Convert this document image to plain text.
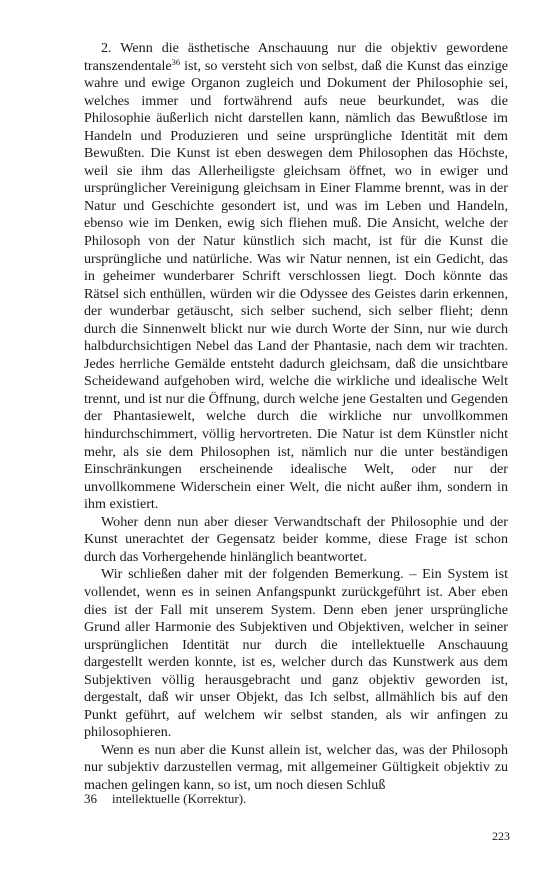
2. Wenn die ästhetische Anschauung nur die objektiv gewordene transzendentale$^{36}$ ist, so versteht sich von selbst, daß die Kunst das einzige wahre und ewige Organon zugleich und Dokument der Philosophie sei, welches immer und fortwährend aufs neue beurkundet, was die Philosophie äußerlich nicht darstellen kann, nämlich das Bewußtlose im Handeln und Produzieren und seine ursprüngliche Identität mit dem Bewußten. Die Kunst ist eben deswegen dem Philosophen das Höchste, weil sie ihm das Allerheiligste gleichsam öffnet, wo in ewiger und ursprünglicher Vereinigung gleichsam in Einer Flamme brennt, was in der Natur und Geschichte gesondert ist, und was im Leben und Handeln, ebenso wie im Denken, ewig sich fliehen muß. Die Ansicht, welche der Philosoph von der Natur künstlich sich macht, ist für die Kunst die ursprüngliche und natürliche. Was wir Natur nennen, ist ein Gedicht, das in geheimer wunderbarer Schrift verschlossen liegt. Doch könnte das Rätsel sich enthüllen, würden wir die Odyssee des Geistes darin erkennen, der wunderbar getäuscht, sich selber suchend, sich selber flieht; denn durch die Sinnenwelt blickt nur wie durch Worte der Sinn, nur wie durch halbdurchsichtigen Nebel das Land der Phantasie, nach dem wir trachten. Jedes herrliche Gemälde entsteht dadurch gleichsam, daß die unsichtbare Scheidewand aufgehoben wird, welche die wirkliche und idealische Welt trennt, und ist nur die Öffnung, durch welche jene Gestalten und Gegenden der Phantasiewelt, welche durch die wirkliche nur unvollkommen hindurchschimmert, völlig hervortreten. Die Natur ist dem Künstler nicht mehr, als sie dem Philosophen ist, nämlich nur die unter beständigen Einschränkungen erscheinende idealische Welt, oder nur der unvollkommene Widerschein einer Welt, die nicht außer ihm, sondern in ihm existiert.

Woher denn nun aber dieser Verwandtschaft der Philosophie und der Kunst unerachtet der Gegensatz beider komme, diese Frage ist schon durch das Vorhergehende hinlänglich beantwortet.

Wir schließen daher mit der folgenden Bemerkung. – Ein System ist vollendet, wenn es in seinen Anfangspunkt zurückgeführt ist. Aber eben dies ist der Fall mit unserem System. Denn eben jener ursprüngliche Grund aller Harmonie des Subjektiven und Objektiven, welcher in seiner ursprünglichen Identität nur durch die intellektuelle Anschauung dargestellt werden konnte, ist es, welcher durch das Kunstwerk aus dem Subjektiven völlig herausgebracht und ganz objektiv geworden ist, dergestalt, daß wir unser Objekt, das Ich selbst, allmählich bis auf den Punkt geführt, auf welchem wir selbst standen, als wir anfingen zu philosophieren.

Wenn es nun aber die Kunst allein ist, welcher das, was der Philosoph nur subjektiv darzustellen vermag, mit allgemeiner Gültigkeit objektiv zu machen gelingen kann, so ist, um noch diesen Schluß

36 intellektuelle (Korrektur).
223
